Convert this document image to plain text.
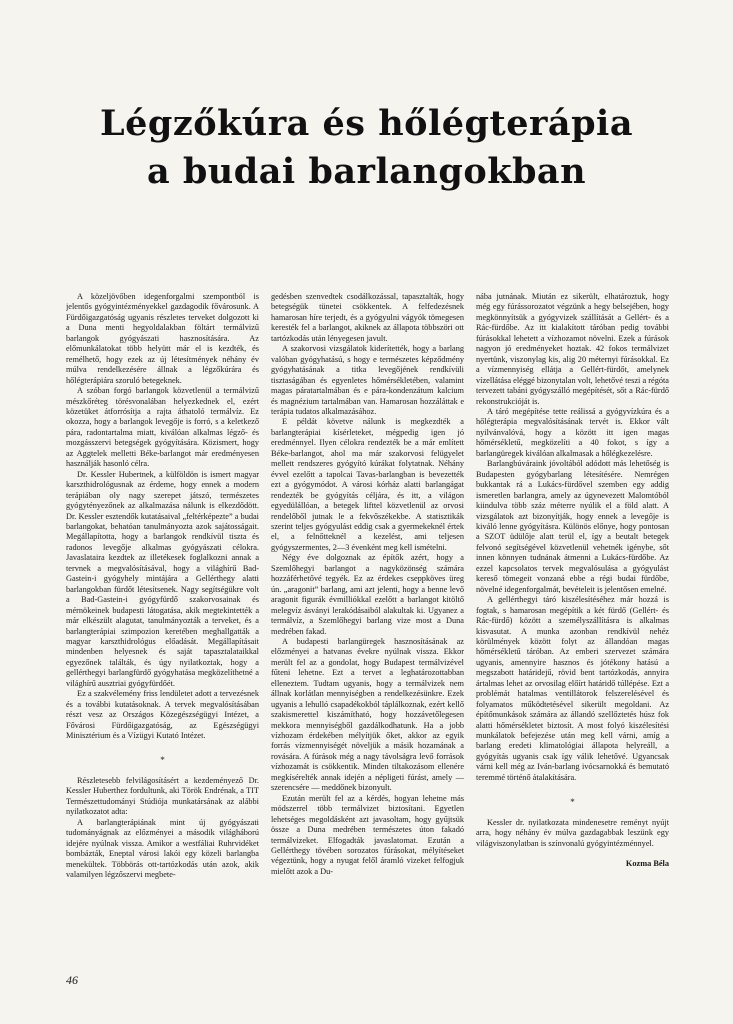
Légzőkúra és hőlégterápia
a budai barlangokban

A közeljövőben idegenforgalmi szempontból is jelentős gyógyintézményekkel gazdagodik fővárosunk. A Fürdőigazgatóság ugyanis részletes terveket dolgozott ki a Duna menti hegyoldalakban föltárt termálvizű barlangok gyógyászati hasznosítására. Az előmunkálatokat több helyütt már el is kezdték, és remélhető, hogy ezek az új létesítmények néhány év múlva rendelkezésére állnak a légzőkúrára és hőlégterápiára szoruló betegeknek.

A szóban forgó barlangok közvetlenül a termálvizű mészkőréteg törésvonalában helyezkednek el, ezért közetüket átforrósítja a rajta áthatoló termálvíz. Ez okozza, hogy a barlangok levegője is forró, s a keletkező pára, radontartalma miatt, kiválóan alkalmas légző- és mozgásszervi betegségek gyógyítására. Közismert, hogy az Aggtelek melletti Béke-barlangot már eredményesen használják hasonló célra.

Dr. Kessler Hubertnek, a külföldön is ismert magyar karszthidrológusnak az érdeme, hogy ennek a modern terápiában oly nagy szerepet játszó, természetes gyógytényezőnek az alkalmazása nálunk is elkezdődött. Dr. Kessler esztendők kutatásaival „feltérképezte” a budai barlangokat, behatóan tanulmányozta azok sajátosságait. Megállapította, hogy a barlangok rendkívül tiszta és radonos levegője alkalmas gyógyászati célokra. Javaslataira kezdtek az illetékesek foglalkozni annak a tervnek a megvalósításával, hogy a világhírű Bad-Gastein-i gyógyhely mintájára a Gellérthegy alatti barlangokban fürdőt létesítsenek. Nagy segítségükre volt a Bad-Gastein-i gyógyfürdő szakorvosainak és mérnökeinek budapesti látogatása, akik megtekintették a már elkészült alagutat, tanulmányozták a terveket, és a barlangterápiai szimpozion keretében meghallgatták a magyar karszthidrológus előadását. Megállapításait mindenben helyesnek és saját tapasztalataikkal egyezőnek találták, és úgy nyilatkoztak, hogy a gellérthegyi barlangfürdő gyógyhatása megközelíthetné a világhírű ausztriai gyógyfürdőét.

Ez a szakvélemény friss lendületet adott a tervezésnek és a további kutatásoknak. A tervek megvalósításában részt vesz az Országos Közegészségügyi Intézet, a Fővárosi Fürdőigazgatóság, az Egészségügyi Minisztérium és a Vízügyi Kutató Intézet.

*

Részletesebb felvilágosításért a kezdeményező Dr. Kessler Huberthez fordultunk, aki Török Endrénak, a TIT Természettudományi Stúdiója munkatársának az alábbi nyilatkozatot adta:

A barlangterápiának mint új gyógyászati tudományágnak az előzményei a második világháború idejére nyúlnak vissza. Amikor a westfáliai Ruhrvidéket bombázták, Eneptal városi lakói egy közeli barlangba menekültek. Többörás ott-tartózkodás után azok, akik valamilyen légzőszervi megbete-

gedésben szenvedtek csodálkozással, tapasztalták, hogy betegségük tünetei csökkentek. A felfedezésnek hamarosan híre terjedt, és a gyógyulni vágyók tömegesen keresték fel a barlangot, akiknek az állapota többszöri ott tartózkodás után lényegesen javult.

A szakorvosi vizsgálatok kiderítették, hogy a barlang valóban gyógyhatású, s hogy e természetes képződmény gyógyhatásának a titka levegőjének rendkívüli tisztaságában és egyenletes hőmérsékletében, valamint magas páratartalmában és e pára-kondenzátum kalcium és magnézium tartalmában van. Hamarosan hozzáláttak e terápia tudatos alkalmazásához.

E példát követve nálunk is megkezdték a barlangterápiai kísérleteket, mégpedig igen jó eredménnyel. Ilyen célokra rendezték be a már említett Béke-barlangot, ahol ma már szakorvosi felügyelet mellett rendszeres gyógyító kúrákat folytatnak. Néhány évvel ezelőtt a tapolcai Tavas-barlangban is bevezették ezt a gyógymódot. A városi kórház alatti barlangágat rendezték be gyógyítás céljára, és itt, a világon egyedülállóan, a betegek lifttel közvetlenül az orvosi rendelőből jutnak le a fekvőszékekbe. A statisztikák szerint teljes gyógyulást eddig csak a gyermekeknél értek el, a felnőtteknél a kezelést, ami teljesen gyógyszermentes, 2—3 évenként meg kell ismételni.

Négy éve dolgoznak az építők azért, hogy a Szemlőhegyi barlangot a nagyközönség számára hozzáférhetővé tegyék. Ez az érdekes cseppköves üreg ún. „aragonit” barlang, ami azt jelenti, hogy a benne levő aragonit figurák évmilliókkal ezelőtt a barlangot kitöltő melegvíz ásványi lerakódásaiból alakultak ki. Ugyanez a termálvíz, a Szemlőhegyi barlang vize most a Duna medrében fakad.

A budapesti barlangüregek hasznosításának az előzményei a hatvanas évekre nyúlnak vissza. Ekkor merült fel az a gondolat, hogy Budapest termálvizével fűteni lehetne. Ezt a tervet a leghatározottabban elleneztem. Tudtam ugyanis, hogy a termálvizek nem állnak korlátlan mennyiségben a rendelkezésünkre. Ezek ugyanis a lehulló csapadékokból táplálkoznak, ezért kellő szakismerettel kiszámítható, hogy hozzávetőlegesen mekkora mennyiségből gazdálkodhatunk. Ha a jobb vízhozam érdekében mélyítjük őket, akkor az egyik forrás vízmennyiségét növeljük a másik hozamának a rovására. A fúrások még a nagy távolságra levő források vízhozamát is csökkentik. Minden tiltakozásom ellenére megkísérelték annak idején a népligeti fúrást, amely — szerencsére — meddőnek bizonyult.

Ezután merült fel az a kérdés, hogyan lehetne más módszerrel több termálvizet biztosítani. Egyetlen lehetséges megoldásként azt javasoltam, hogy gyűjtsük össze a Duna medrében természetes úton fakadó termálvizeket. Elfogadták javaslatomat. Ezután a Gellérthegy tövében sorozatos fúrásokat, mélyítéseket végeztünk, hogy a nyugat felől áramló vizeket felfogjuk mielőtt azok a Du-

nába jutnának. Miután ez sikerült, elhatároztuk, hogy még egy fúrássorozatot végzünk a hegy belsejében, hogy megkönnyítsük a gyógyvizek szállítását a Gellért- és a Rác-fürdőbe. Az itt kialakított táróban pedig további fúrásokkal lehetett a vízhozamot növelni. Ezek a fúrások nagyon jó eredményeket hoztak. 42 fokos termálvizet nyertünk, viszonylag kis, alig 20 méternyi fúrásokkal. Ez a vízmennyiség ellátja a Gellért-fürdőt, amelynek vízellátása eléggé bizonytalan volt, lehetővé teszi a régóta tervezett tabáni gyógyszálló megépítését, sőt a Rác-fürdő rekonstrukcióját is.

A táró megépítése tette reálissá a gyógyvízkúra és a hőlégterápia megvalósításának tervét is. Ekkor vált nyilvánvalóvá, hogy a között itt igen magas hőmérsékletű, megközelíti a 40 fokot, s így a barlangüregek kiválóan alkalmasak a hőlégkezelésre.

Barlangbúváraink jóvoltából adódott más lehetőség is Budapesten gyógybarlang létesítésére. Nemrégen bukkantak rá a Lukács-fürdővel szemben egy addig ismeretlen barlangra, amely az úgynevezett Malomtóból kiindulva több száz méterre nyúlik el a föld alatt. A vizsgálatok azt bizonyítják, hogy ennek a levegője is kiváló lenne gyógyításra. Különös előnye, hogy pontosan a SZOT üdülője alatt terül el, így a beutalt betegek felvonó segítségével közvetlenül vehetnék igénybe, sőt innen könnyen tudnának átmenni a Lukács-fürdőbe. Az ezzel kapcsolatos tervek megvalósulása a gyógyulást kereső tömegeit vonzaná ebbe a régi budai fürdőbe, növelné idegenforgalmát, bevételeit is jelentősen emelné.

A gellérthegyi táró kiszélesítéséhez már hozzá is fogtak, s hamarosan megépítik a két fürdő (Gellért- és Rác-fürdő) között a személyszállításra is alkalmas kisvasutat. A munka azonban rendkívül nehéz körülmények között folyt az állandóan magas hőmérsékletű táróban. Az emberi szervezet számára ugyanis, amennyire hasznos és jótékony hatású a megszabott határidejű, rövid bent tartózkodás, annyira ártalmas lehet az orvosilag előírt határidő túllépése. Ezt a problémát hatalmas ventillátorok felszerelésével és folyamatos működtetésével sikerült megoldani. Az építőmunkások számára az állandó szellőztetés húsz fok alatti hőmérsékletet biztosít. A most folyó kiszélesítési munkálatok befejezése után meg kell várni, amíg a barlang eredeti klimatológiai állapota helyreáll, a gyógyítás ugyanis csak így válik lehetővé. Ugyancsak várni kell még az Iván-barlang ivócsarnokká és bemutató teremmé történő átalakítására.

*

Kessler dr. nyilatkozata mindenesetre reményt nyújt arra, hogy néhány év múlva gazdagabbak leszünk egy világviszonylatban is színvonalú gyógyintézménnyel.

Kozma Béla

46
